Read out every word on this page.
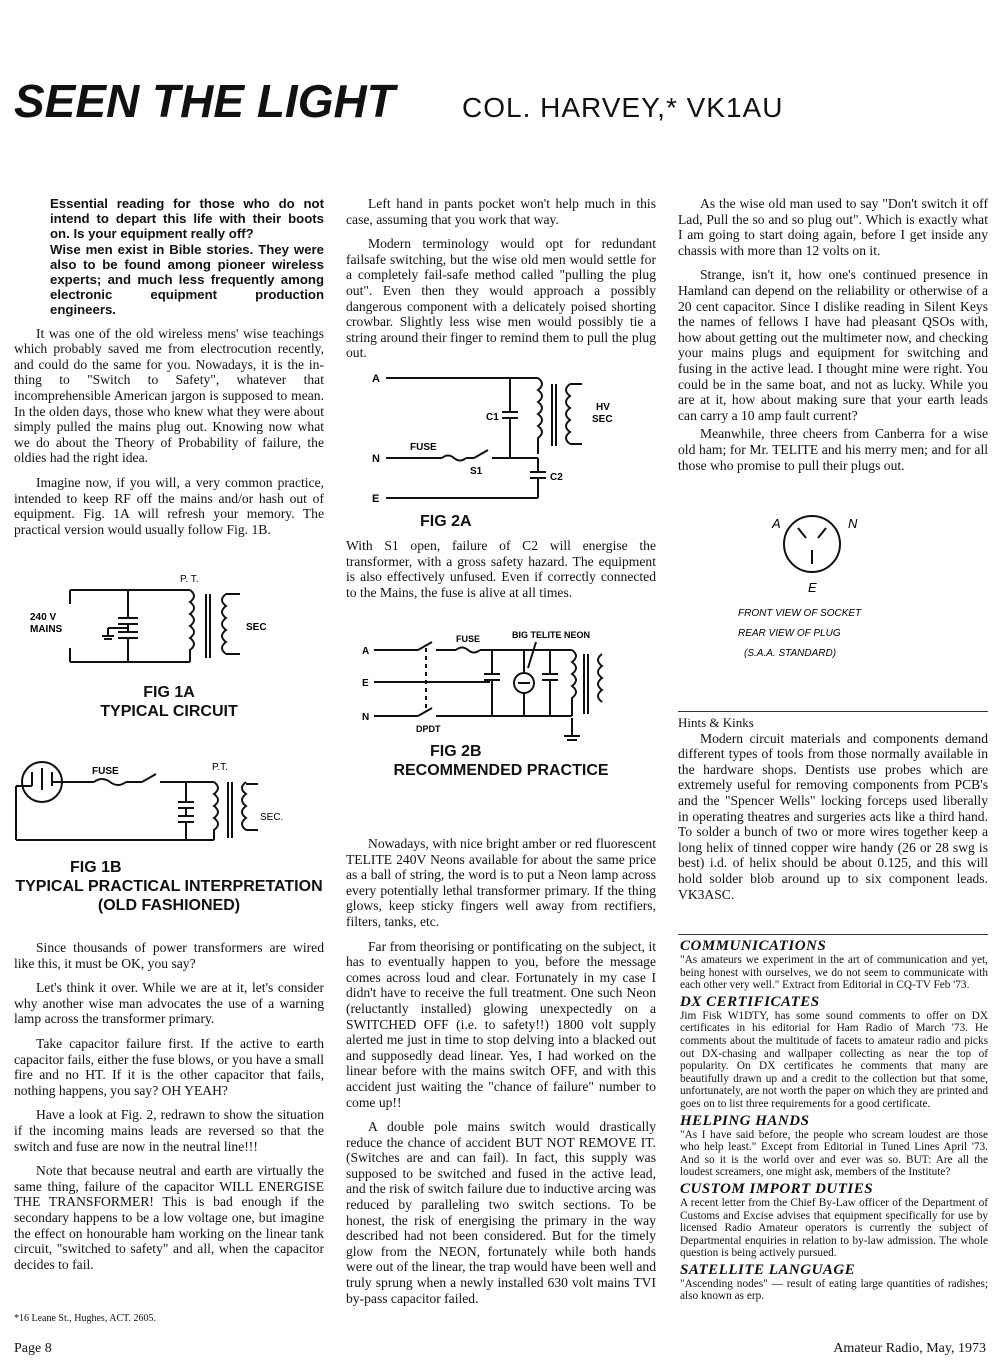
SEEN THE LIGHT COL. HARVEY,* VK1AU
Essential reading for those who do not intend to depart this life with their boots on. Is your equipment really off?
Wise men exist in Bible stories. They were also to be found among pioneer wireless experts; and much less frequently among electronic equipment production engineers.

It was one of the old wireless mens' wise teachings which probably saved me from electrocution recently, and could do the same for you. Nowadays, it is the in-thing to "Switch to Safety", whatever that incomprehensible American jargon is supposed to mean. In the olden days, those who knew what they were about simply pulled the mains plug out. Knowing now what we do about the Theory of Probability of failure, the oldies had the right idea.

Imagine now, if you will, a very common practice, intended to keep RF off the mains and/or hash out of equipment. Fig. 1A will refresh your memory. The practical version would usually follow Fig. 1B.

P. T.
240 V
MAINS	SEC
FIG 1A
TYPICAL CIRCUIT
FUSE	P.T.
SEC.
FIG 1B
TYPICAL PRACTICAL INTERPRETATION
(OLD FASHIONED)

Since thousands of power transformers are wired like this, it must be OK, you say?

Let's think it over. While we are at it, let's consider why another wise man advocates the use of a warning lamp across the transformer primary.

Take capacitor failure first. If the active to earth capacitor fails, either the fuse blows, or you have a small fire and no HT. If it is the other capacitor that fails, nothing happens, you say? OH YEAH?

Have a look at Fig. 2, redrawn to show the situation if the incoming mains leads are reversed so that the switch and fuse are now in the neutral line!!!

Note that because neutral and earth are virtually the same thing, failure of the capacitor WILL ENERGISE THE TRANSFORMER! This is bad enough if the secondary happens to be a low voltage one, but imagine the effect on honourable ham working on the linear tank circuit, "switched to safety" and all, when the capacitor decides to fail.

*16 Leane St., Hughes, ACT. 2605.

Left hand in pants pocket won't help much in this case, assuming that you work that way.

Modern terminology would opt for redundant failsafe switching, but the wise old men would settle for a completely fail-safe method called "pulling the plug out". Even then they would approach a possibly dangerous component with a delicately poised shorting crowbar. Slightly less wise men would possibly tie a string around their finger to remind them to pull the plug out.

A
N
E
C1
C2
FUSE
S1
HV
SEC
FIG 2A

With S1 open, failure of C2 will energise the transformer, with a gross safety hazard. The equipment is also effectively unfused. Even if correctly connected to the Mains, the fuse is alive at all times.

A
E
N
FUSE	BIG TELITE NEON
DPDT
FIG 2B
RECOMMENDED PRACTICE

Nowadays, with nice bright amber or red fluorescent TELITE 240V Neons available for about the same price as a ball of string, the word is to put a Neon lamp across every potentially lethal transformer primary. If the thing glows, keep sticky fingers well away from rectifiers, filters, tanks, etc.

Far from theorising or pontificating on the subject, it has to eventually happen to you, before the message comes across loud and clear. Fortunately in my case I didn't have to receive the full treatment. One such Neon (reluctantly installed) glowing unexpectedly on a SWITCHED OFF (i.e. to safety!!) 1800 volt supply alerted me just in time to stop delving into a blacked out and supposedly dead linear. Yes, I had worked on the linear before with the mains switch OFF, and with this accident just waiting the "chance of failure" number to come up!!

A double pole mains switch would drastically reduce the chance of accident BUT NOT REMOVE IT. (Switches are and can fail). In fact, this supply was supposed to be switched and fused in the active lead, and the risk of switch failure due to inductive arcing was reduced by paralleling two switch sections. To be honest, the risk of energising the primary in the way described had not been considered. But for the timely glow from the NEON, fortunately while both hands were out of the linear, the trap would have been well and truly sprung when a newly installed 630 volt mains TVI by-pass capacitor failed.

As the wise old man used to say "Don't switch it off Lad, Pull the so and so plug out". Which is exactly what I am going to start doing again, before I get inside any chassis with more than 12 volts on it.

Strange, isn't it, how one's continued presence in Hamland can depend on the reliability or otherwise of a 20 cent capacitor. Since I dislike reading in Silent Keys the names of fellows I have had pleasant QSOs with, how about getting out the multimeter now, and checking your mains plugs and equipment for switching and fusing in the active lead. I thought mine were right. You could be in the same boat, and not as lucky. While you are at it, how about making sure that your earth leads can carry a 10 amp fault current?

Meanwhile, three cheers from Canberra for a wise old ham; for Mr. TELITE and his merry men; and for all those who promise to pull their plugs out.

A	N
E
FRONT VIEW OF SOCKET
REAR VIEW OF PLUG
(S.A.A. STANDARD)
Hints & Kinks

Modern circuit materials and components demand different types of tools from those normally available in the hardware shops. Dentists use probes which are extremely useful for removing components from PCB's and the "Spencer Wells" locking forceps used liberally in operating theatres and surgeries acts like a third hand. To solder a bunch of two or more wires together keep a long helix of tinned copper wire handy (26 or 28 swg is best) i.d. of helix should be about 0.125, and this will hold solder blob around up to six component leads. VK3ASC.

COMMUNICATIONS

"As amateurs we experiment in the art of communication and yet, being honest with ourselves, we do not seem to communicate with each other very well." Extract from Editorial in CQ-TV Feb '73.

DX CERTIFICATES

Jim Fisk W1DTY, has some sound comments to offer on DX certificates in his editorial for Ham Radio of March '73. He comments about the multitude of facets to amateur radio and picks out DX-chasing and wallpaper collecting as near the top of popularity. On DX certificates he comments that many are beautifully drawn up and a credit to the collection but that some, unfortunately, are not worth the paper on which they are printed and goes on to list three requirements for a good certificate.

HELPING HANDS

"As I have said before, the people who scream loudest are those who help least." Except from Editorial in Tuned Lines April '73. And so it is the world over and ever was so. BUT: Are all the loudest screamers, one might ask, members of the Institute?

CUSTOM IMPORT DUTIES

A recent letter from the Chief By-Law officer of the Department of Customs and Excise advises that equipment specifically for use by licensed Radio Amateur operators is currently the subject of Departmental enquiries in relation to by-law admission. The whole question is being actively pursued.

SATELLITE LANGUAGE

"Ascending nodes" — result of eating large quantities of radishes; also known as erp.

Page 8	Amateur Radio, May, 1973
